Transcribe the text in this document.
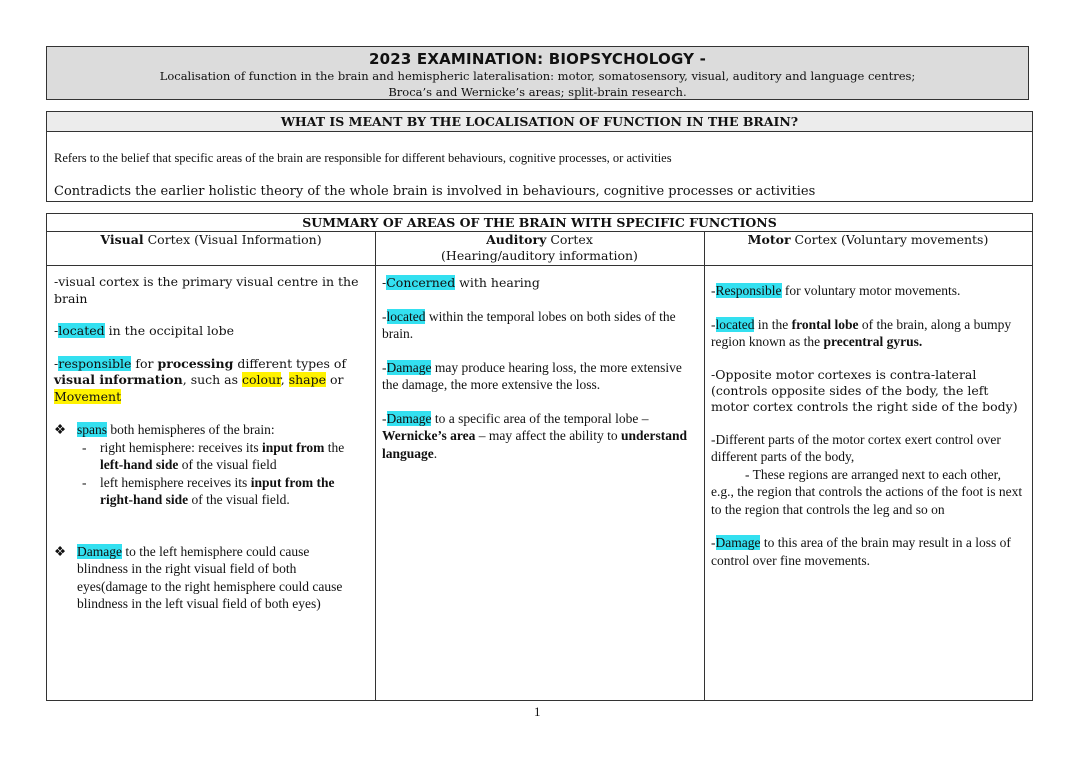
2023 EXAMINATION: BIOPSYCHOLOGY -
Localisation of function in the brain and hemispheric lateralisation: motor, somatosensory, visual, auditory and language centres;
Broca’s and Wernicke’s areas; split-brain research.
WHAT IS MEANT BY THE LOCALISATION OF FUNCTION IN THE BRAIN?
Refers to the belief that specific areas of the brain are responsible for different behaviours, cognitive processes, or activities
Contradicts the earlier holistic theory of the whole brain is involved in behaviours, cognitive processes or activities
SUMMARY OF AREAS OF THE BRAIN WITH SPECIFIC FUNCTIONS
Visual Cortex (Visual Information)	Auditory Cortex
(Hearing/auditory information)
Motor Cortex (Voluntary movements)

-visual cortex is the primary visual centre in the brain

-located in the occipital lobe

-responsible for processing different types of visual information, such as colour, shape or Movement

❖ spans both hemispheres of the brain:
- right hemisphere: receives its input from the left-hand side of the visual field
- left hemisphere receives its input from the right-hand side of the visual field.
❖ Damage to the left hemisphere could cause blindness in the right visual field of both eyes(damage to the right hemisphere could cause blindness in the left visual field of both eyes)

-Concerned with hearing

-located within the temporal lobes on both sides of the brain.

-Damage may produce hearing loss, the more extensive the damage, the more extensive the loss.

-Damage to a specific area of the temporal lobe – Wernicke’s area – may affect the ability to understand language.

-Responsible for voluntary motor movements.

-located in the frontal lobe of the brain, along a bumpy region known as the precentral gyrus.

-Opposite motor cortexes is contra-lateral (controls opposite sides of the body, the left motor cortex controls the right side of the body)

-Different parts of the motor cortex exert control over different parts of the body,

- These regions are arranged next to each other, e.g., the region that controls the actions of the foot is next to the region that controls the leg and so on

-Damage to this area of the brain may result in a loss of control over fine movements.

1
